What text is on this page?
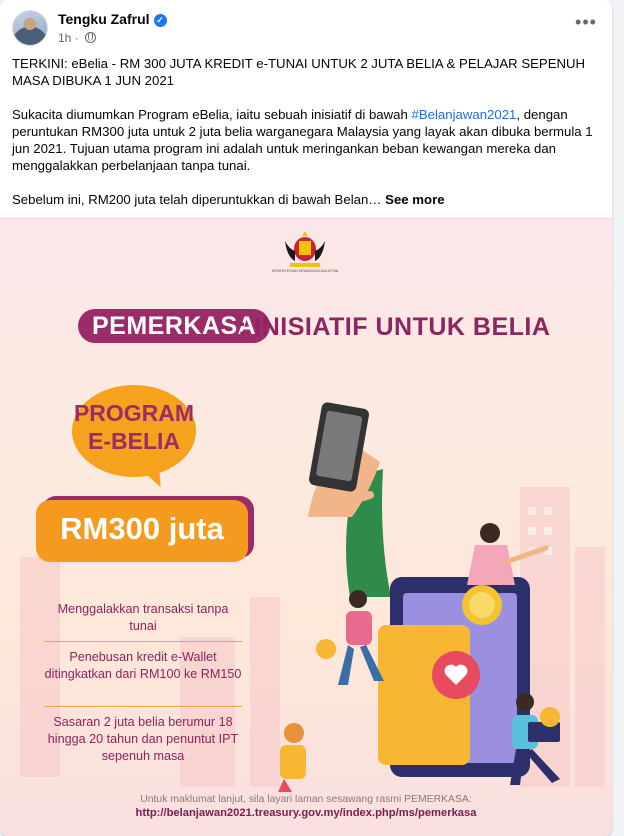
Tengku Zafrul ✓
1h ·
•••

TERKINI: eBelia - RM 300 JUTA KREDIT e-TUNAI UNTUK 2 JUTA BELIA & PELAJAR SEPENUH MASA DIBUKA 1 JUN 2021

Sukacita diumumkan Program eBelia, iaitu sebuah inisiatif di bawah #Belanjawan2021, dengan peruntukan RM300 juta untuk 2 juta belia warganegara Malaysia yang layak akan dibuka bermula 1 jun 2021. Tujuan utama program ini adalah untuk meringankan beban kewangan mereka dan menggalakkan perbelanjaan tanpa tunai.

Sebelum ini, RM200 juta telah diperuntukkan di bawah Belan… See more

KEMENTERIAN KEWANGAN MALAYSIA
PEMERKASA
: INISIATIF UNTUK BELIA
PROGRAM
E-BELIA
RM300 juta
Menggalakkan transaksi tanpa tunai
Penebusan kredit e-Wallet ditingkatkan dari RM100 ke RM150
Sasaran 2 juta belia berumur 18 hingga 20 tahun dan penuntut IPT sepenuh masa
Untuk maklumat lanjut, sila layari laman sesawang rasmi PEMERKASA:
http://belanjawan2021.treasury.gov.my/index.php/ms/pemerkasa
